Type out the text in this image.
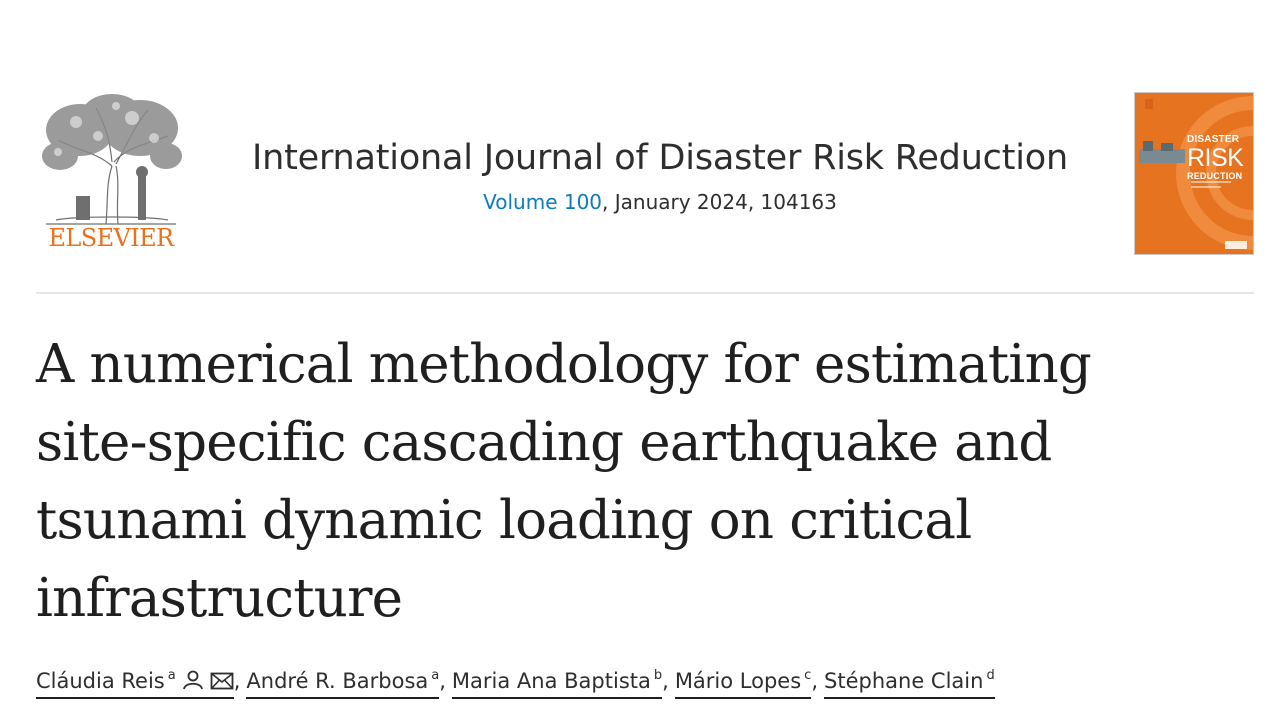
ELSEVIER
International Journal of Disaster Risk Reduction
Volume 100, January 2024, 104163
DISASTER
RISK
REDUCTION
A numerical methodology for estimating
site-specific cascading earthquake and
tsunami dynamic loading on critical
infrastructure
Cláudia Reis $^a$	, André R. Barbosa $^a$, Maria Ana Baptista $^b$, Mário Lopes $^c$, Stéphane Clain $^d$
